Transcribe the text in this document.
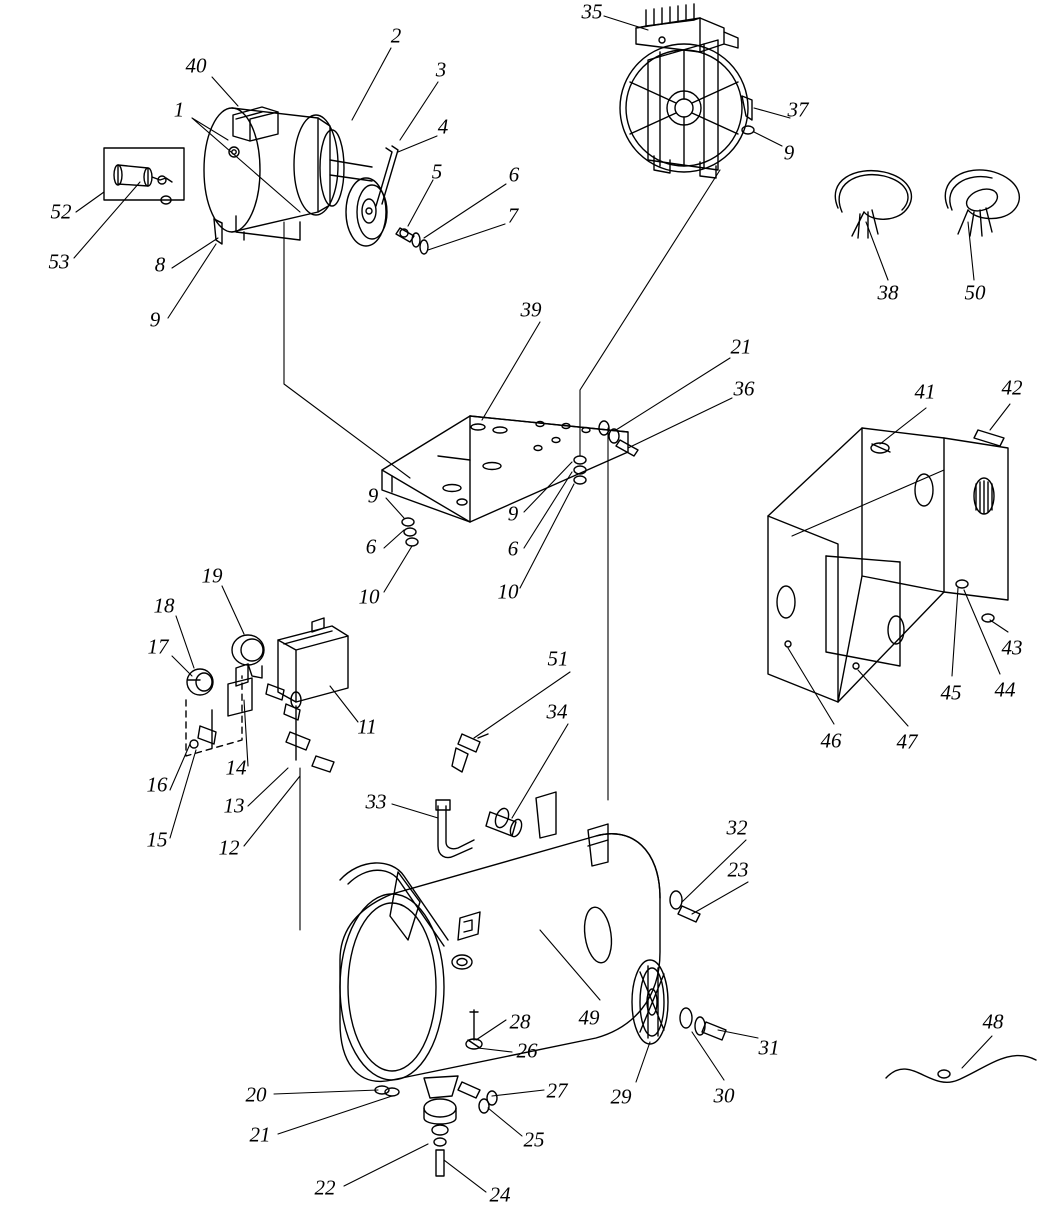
2
35
40	3
1	37
4
9
5	6
52	7
53	8
38	50
9	39
21
36	41	42
9
9
6	6
10	10
19
18
17	43
45 44
51
11
34
46	47
16
14
13	33
15 12
32
23
28 49
26
48
31
27 29	30
20
21	25
22	24
